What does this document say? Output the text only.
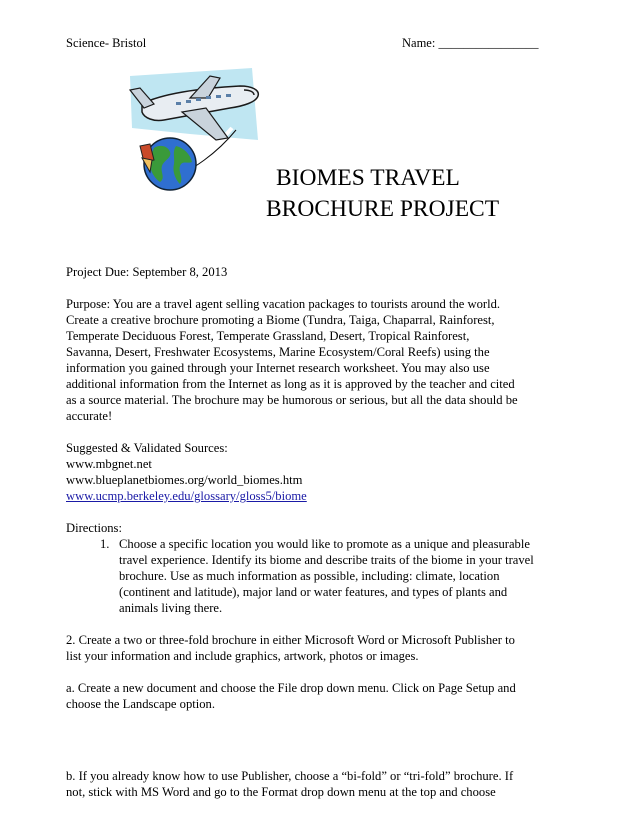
Science- Bristol	Name: ________________
BIOMES TRAVEL
BROCHURE PROJECT

Project Due: September 8, 2013

Purpose: You are a travel agent selling vacation packages to tourists around the world.
Create a creative brochure promoting a Biome (Tundra, Taiga, Chaparral, Rainforest,
Temperate Deciduous Forest, Temperate Grassland, Desert, Tropical Rainforest,
Savanna, Desert, Freshwater Ecosystems, Marine Ecosystem/Coral Reefs) using the
information you gained through your Internet research worksheet. You may also use
additional information from the Internet as long as it is approved by the teacher and cited
as a source material. The brochure may be humorous or serious, but all the data should be
accurate!

Suggested & Validated Sources:
www.mbgnet.net
www.blueplanetbiomes.org/world_biomes.htm
www.ucmp.berkeley.edu/glossary/gloss5/biome

Directions:
1. Choose a specific location you would like to promote as a unique and pleasurable
travel experience. Identify its biome and describe traits of the biome in your travel
brochure. Use as much information as possible, including: climate, location
(continent and latitude), major land or water features, and types of plants and
animals living there.

2. Create a two or three-fold brochure in either Microsoft Word or Microsoft Publisher to
list your information and include graphics, artwork, photos or images.

a. Create a new document and choose the File drop down menu. Click on Page Setup and
choose the Landscape option.

b. If you already know how to use Publisher, choose a “bi-fold” or “tri-fold” brochure. If
not, stick with MS Word and go to the Format drop down menu at the top and choose
